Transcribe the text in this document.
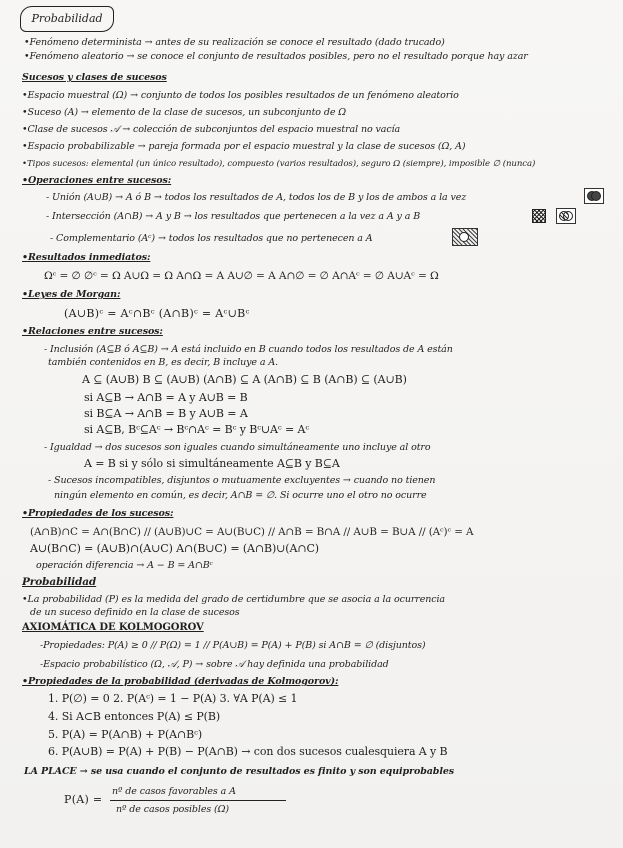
Probabilidad
•Fenómeno determinista → antes de su realización se conoce el resultado (dado trucado)
•Fenómeno aleatorio → se conoce el conjunto de resultados posibles, pero no el resultado porque hay azar
Sucesos y clases de sucesos
•Espacio muestral (Ω) → conjunto de todos los posibles resultados de un fenómeno aleatorio
•Suceso (A) → elemento de la clase de sucesos, un subconjunto de Ω
•Clase de sucesos 𝒜 → colección de subconjuntos del espacio muestral no vacía
•Espacio probabilizable → pareja formada por el espacio muestral y la clase de sucesos (Ω, A)
•Tipos sucesos: elemental (un único resultado), compuesto (varios resultados), seguro Ω (siempre), imposible ∅ (nunca)
•Operaciones entre sucesos:
- Unión (A∪B) → A ó B → todos los resultados de A, todos los de B y los de ambos a la vez
- Intersección (A∩B) → A y B → los resultados que pertenecen a la vez a A y a B
- Complementario (Aᶜ) → todos los resultados que no pertenecen a A
•Resultados inmediatos:
Ωᶜ = ∅ ∅ᶜ = Ω A∪Ω = Ω A∩Ω = A A∪∅ = A A∩∅ = ∅ A∩Aᶜ = ∅ A∪Aᶜ = Ω
•Leyes de Morgan:
(A∪B)ᶜ = Aᶜ∩Bᶜ (A∩B)ᶜ = Aᶜ∪Bᶜ
•Relaciones entre sucesos:
- Inclusión (A⊆B ó A⊆B) → A está incluido en B cuando todos los resultados de A están
también contenidos en B, es decir, B incluye a A.
A ⊆ (A∪B) B ⊆ (A∪B) (A∩B) ⊆ A (A∩B) ⊆ B (A∩B) ⊆ (A∪B)
si A⊆B → A∩B = A y A∪B = B
si B⊆A → A∩B = B y A∪B = A
si A⊆B, Bᶜ⊆Aᶜ → Bᶜ∩Aᶜ = Bᶜ y Bᶜ∪Aᶜ = Aᶜ
- Igualdad → dos sucesos son iguales cuando simultáneamente uno incluye al otro
A = B si y sólo si simultáneamente A⊆B y B⊆A
- Sucesos incompatibles, disjuntos o mutuamente excluyentes → cuando no tienen
ningún elemento en común, es decir, A∩B = ∅. Si ocurre uno el otro no ocurre
•Propiedades de los sucesos:
(A∩B)∩C = A∩(B∩C) // (A∪B)∪C = A∪(B∪C) // A∩B = B∩A // A∪B = B∪A // (Aᶜ)ᶜ = A
A∪(B∩C) = (A∪B)∩(A∪C) A∩(B∪C) = (A∩B)∪(A∩C)
operación diferencia → A − B = A∩Bᶜ
Probabilidad
•La probabilidad (P) es la medida del grado de certidumbre que se asocia a la ocurrencia
de un suceso definido en la clase de sucesos
AXIOMÁTICA DE KOLMOGOROV
-Propiedades: P(A) ≥ 0 // P(Ω) = 1 // P(A∪B) = P(A) + P(B) si A∩B = ∅ (disjuntos)
-Espacio probabilístico (Ω, 𝒜, P) → sobre 𝒜 hay definida una probabilidad
•Propiedades de la probabilidad (derivadas de Kolmogorov):
1. P(∅) = 0 2. P(Aᶜ) = 1 − P(A) 3. ∀A P(A) ≤ 1
4. Si A⊂B entonces P(A) ≤ P(B)
5. P(A) = P(A∩B) + P(A∩Bᶜ)
6. P(A∪B) = P(A) + P(B) − P(A∩B) → con dos sucesos cualesquiera A y B
LA PLACE → se usa cuando el conjunto de resultados es finito y son equiprobables
P(A) =
nº de casos favorables a A
nº de casos posibles (Ω)
